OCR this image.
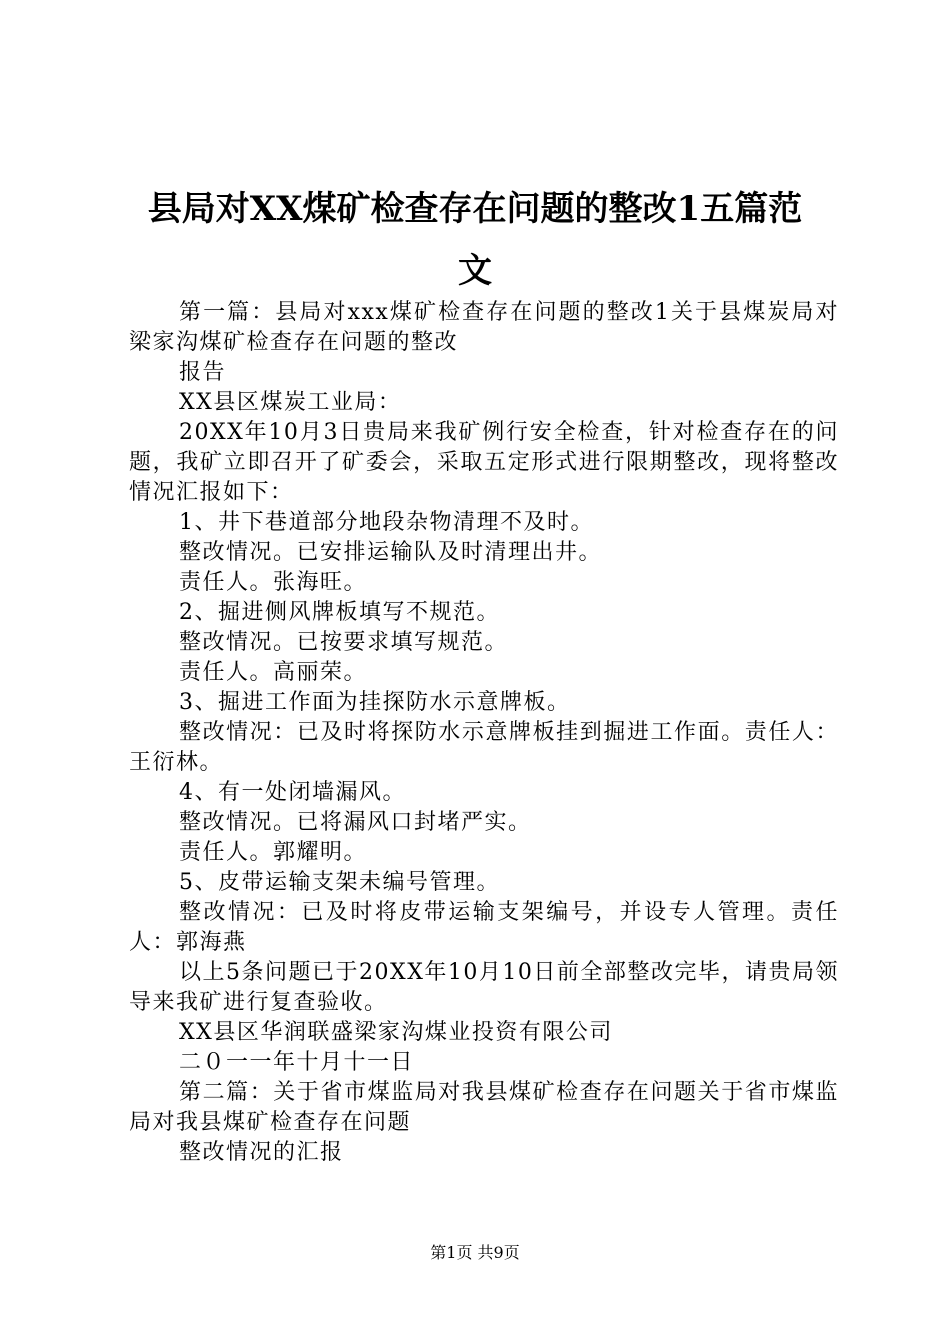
县局对XX煤矿检查存在问题的整改1五篇范
文

第一篇：县局对xxx煤矿检查存在问题的整改1关于县煤炭局对梁家沟煤矿检查存在问题的整改

报告

XX县区煤炭工业局：

20XX年10月3日贵局来我矿例行安全检查，针对检查存在的问题，我矿立即召开了矿委会，采取五定形式进行限期整改，现将整改情况汇报如下：

1、井下巷道部分地段杂物清理不及时。

整改情况。已安排运输队及时清理出井。

责任人。张海旺。

2、掘进侧风牌板填写不规范。

整改情况。已按要求填写规范。

责任人。高丽荣。

3、掘进工作面为挂探防水示意牌板。

整改情况：已及时将探防水示意牌板挂到掘进工作面。责任人：王衍林。

4、有一处闭墙漏风。

整改情况。已将漏风口封堵严实。

责任人。郭耀明。

5、皮带运输支架未编号管理。

整改情况：已及时将皮带运输支架编号，并设专人管理。责任人：郭海燕

以上5条问题已于20XX年10月10日前全部整改完毕，请贵局领导来我矿进行复查验收。

XX县区华润联盛梁家沟煤业投资有限公司

二０一一年十月十一日

第二篇：关于省市煤监局对我县煤矿检查存在问题关于省市煤监局对我县煤矿检查存在问题

整改情况的汇报

第1页 共9页
